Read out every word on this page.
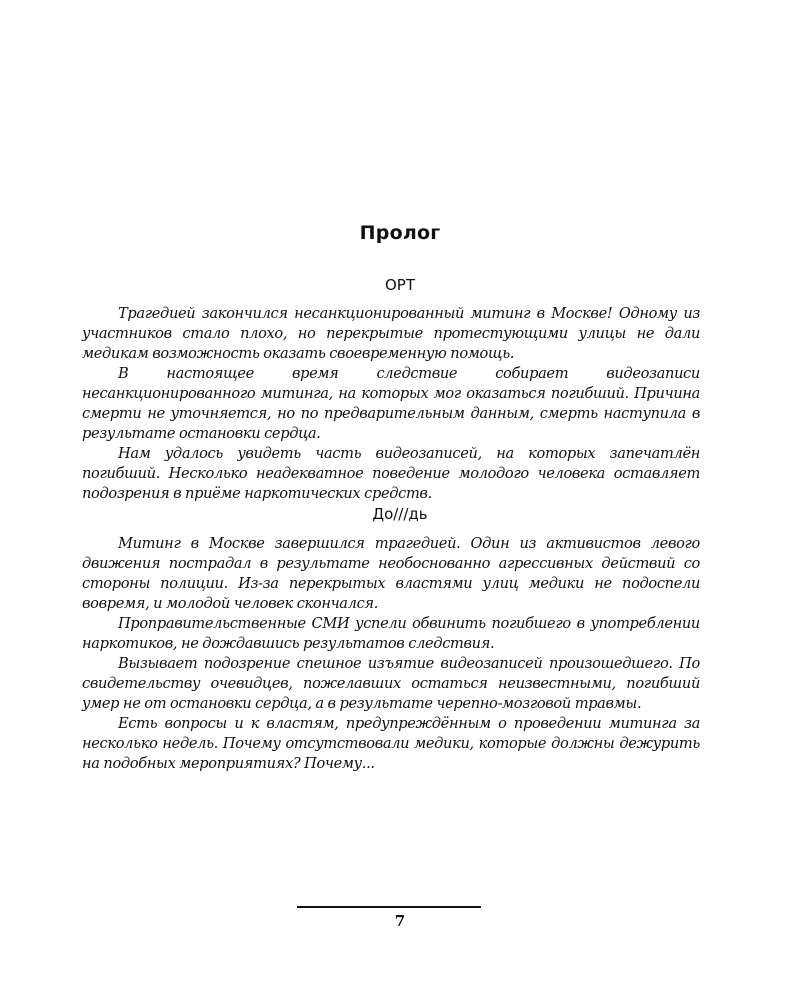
Пролог
ОРТ

Трагедией закончился несанкционированный митинг в Москве! Одному из участников стало плохо, но перекрытые протестующими улицы не дали медикам возможность оказать своевременную помощь.

В настоящее время следствие собирает видеозаписи несанкционированного митинга, на которых мог оказаться погибший. Причина смерти не уточняется, но по предварительным данным, смерть наступила в результате остановки сердца.

Нам удалось увидеть часть видеозаписей, на которых запечатлён погибший. Несколько неадекватное поведение молодого человека оставляет подозрения в приёме наркотических средств.

До///дь

Митинг в Москве завершился трагедией. Один из активистов левого движения пострадал в результате необоснованно агрессивных действий со стороны полиции. Из-за перекрытых властями улиц медики не подоспели вовремя, и молодой человек скончался.

Проправительственные СМИ успели обвинить погибшего в употреблении наркотиков, не дождавшись результатов следствия.

Вызывает подозрение спешное изъятие видеозаписей произошедшего. По свидетельству очевидцев, пожелавших остаться неизвестными, погибший умер не от остановки сердца, а в результате черепно-мозговой травмы.

Есть вопросы и к властям, предупреждённым о проведении митинга за несколько недель. Почему отсутствовали медики, которые должны дежурить на подобных мероприятиях? Почему...

7
